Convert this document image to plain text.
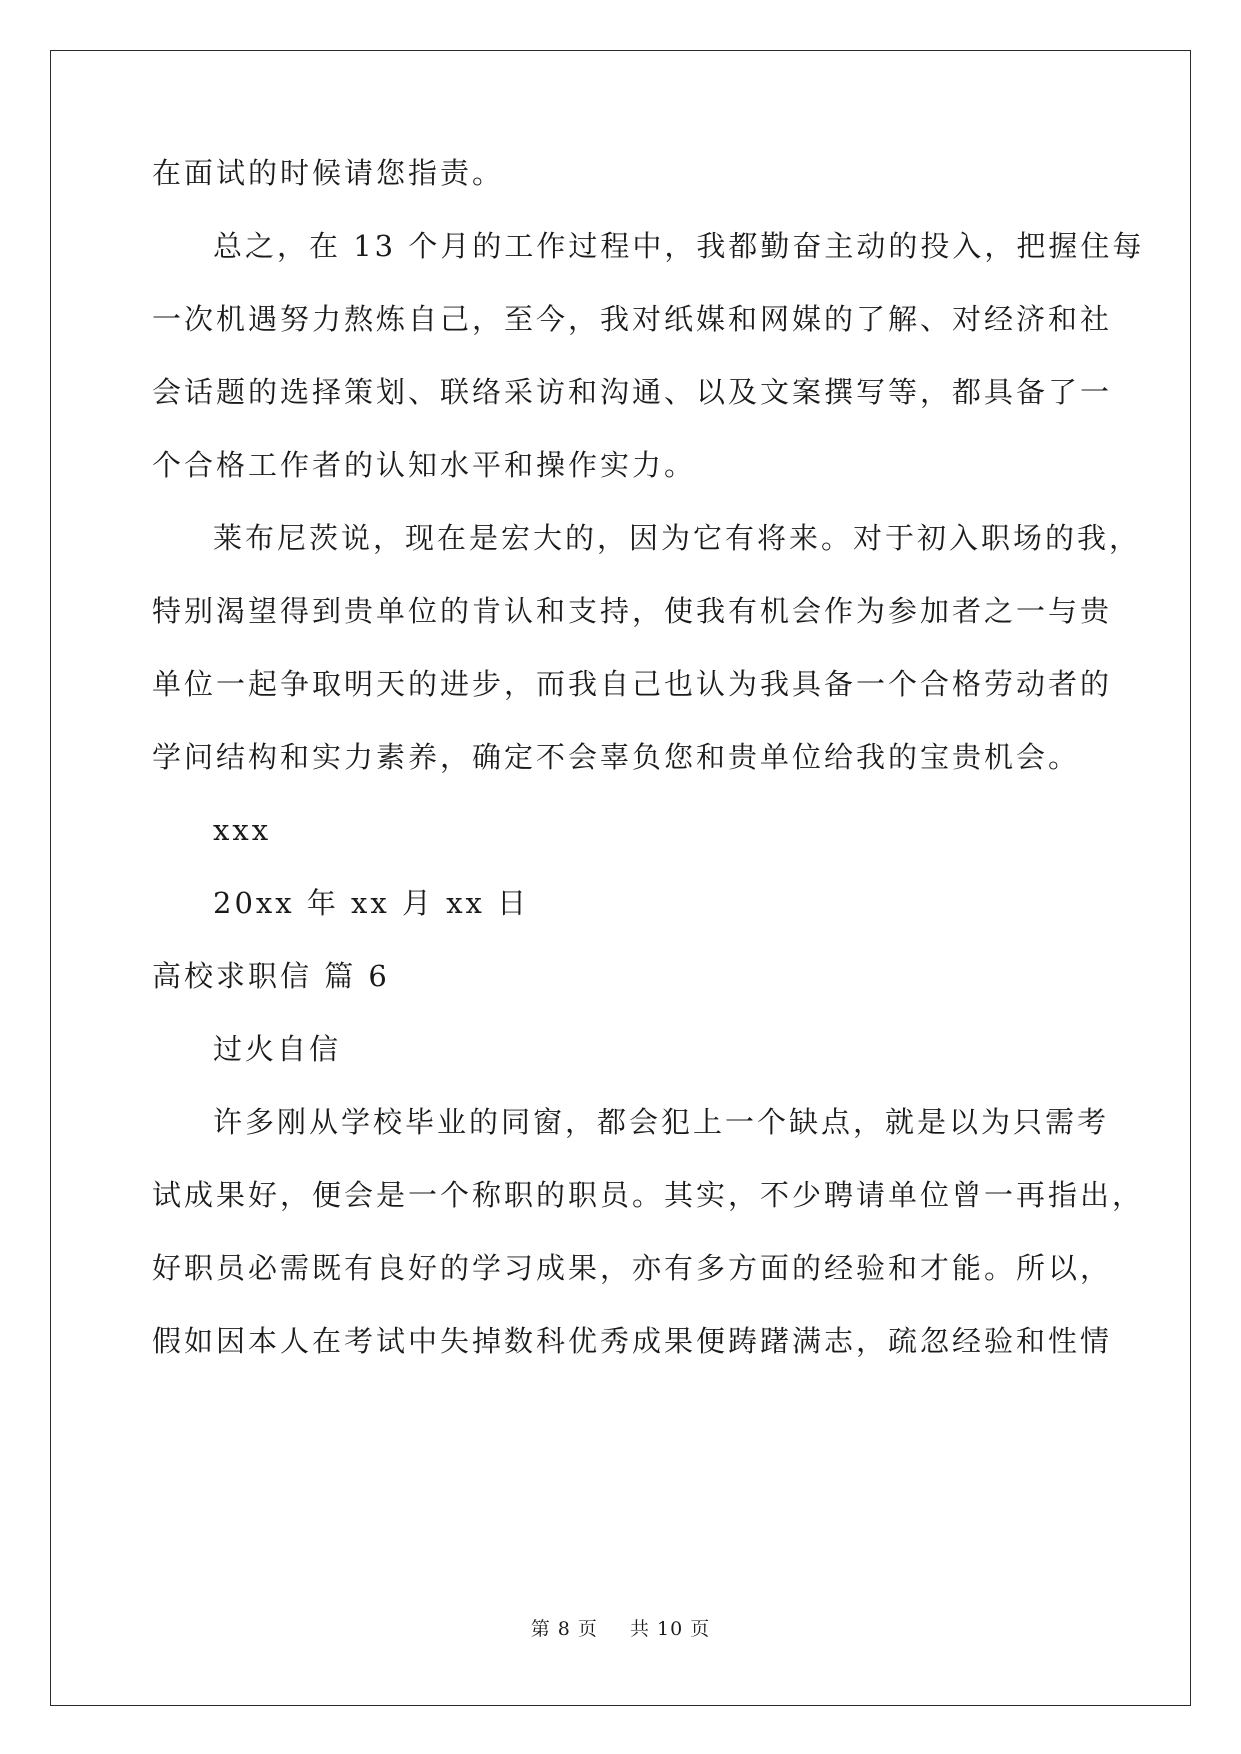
在面试的时候请您指责。
总之，在 13 个月的工作过程中，我都勤奋主动的投入，把握住每
一次机遇努力熬炼自己，至今，我对纸媒和网媒的了解、对经济和社
会话题的选择策划、联络采访和沟通、以及文案撰写等，都具备了一
个合格工作者的认知水平和操作实力。
莱布尼茨说，现在是宏大的，因为它有将来。对于初入职场的我，
特别渴望得到贵单位的肯认和支持，使我有机会作为参加者之一与贵
单位一起争取明天的进步，而我自己也认为我具备一个合格劳动者的
学问结构和实力素养，确定不会辜负您和贵单位给我的宝贵机会。
xxx
20xx 年 xx 月 xx 日
高校求职信 篇 6
过火自信
许多刚从学校毕业的同窗，都会犯上一个缺点，就是以为只需考
试成果好，便会是一个称职的职员。其实，不少聘请单位曾一再指出，
好职员必需既有良好的学习成果，亦有多方面的经验和才能。所以，
假如因本人在考试中失掉数科优秀成果便踌躇满志，疏忽经验和性情
第 8 页 共 10 页
